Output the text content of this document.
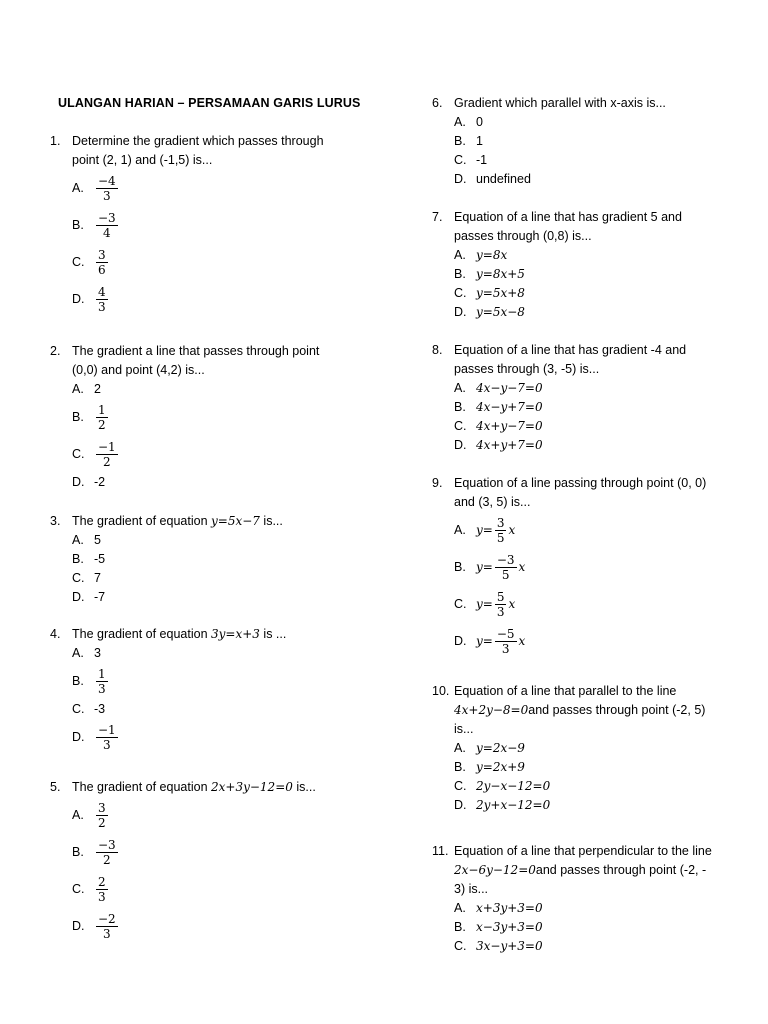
ULANGAN HARIAN – PERSAMAAN GARIS LURUS
1. Determine the gradient which passes through
point (2, 1) and (-1,5) is...
A.	$\frac{-4}{3}$
B.	$\frac{-3}{4}$
C. $\frac{3}{6}$
D. $\frac{4}{3}$
2. The gradient a line that passes through point
(0,0) and point (4,2) is...
A. 2
B.	$\frac{1}{2}$
C. $\frac{-1}{2}$
D. -2
3. The gradient of equation y=5x−7 is...
A. 5
B. -5
C. 7
D. -7
4. The gradient of equation 3y=x+3 is ...
A. 3
B.	$\frac{1}{3}$
C. -3
D. $\frac{-1}{3}$
5. The gradient of equation 2x+3y−12=0 is...
A.	$\frac{3}{2}$
B.	$\frac{-3}{2}$
C. $\frac{2}{3}$
D. $\frac{-2}{3}$
6. Gradient which parallel with x-axis is...
A. 0
B. 1
C. -1
D. undefined
7. Equation of a line that has gradient 5 and
passes through (0,8) is...
A. y=8x
B. y=8x+5
C. y=5x+8
D. y=5x−8
8. Equation of a line that has gradient -4 and
passes through (3, -5) is...
A. 4x−y−7=0
B. 4x−y+7=0
C. 4x+y−7=0
D. 4x+y+7=0
9. Equation of a line passing through point (0, 0)
and (3, 5) is...
A. $y= \frac{3}{5}$ x
B. $y= \frac{-3}{5}$ x
C. $y= \frac{5}{3}$ x
D. $y= \frac{-5}{3}$ x
10. Equation of a line that parallel to the line
4x+2y−8=0and passes through point (-2, 5)
is...
A. y=2x−9
B. y=2x+9
C. 2y−x−12=0
D. 2y+x−12=0
11. Equation of a line that perpendicular to the line
2x−6y−12=0and passes through point (-2, -
3) is...
A. x+3y+3=0
B. x−3y+3=0
C. 3x−y+3=0
